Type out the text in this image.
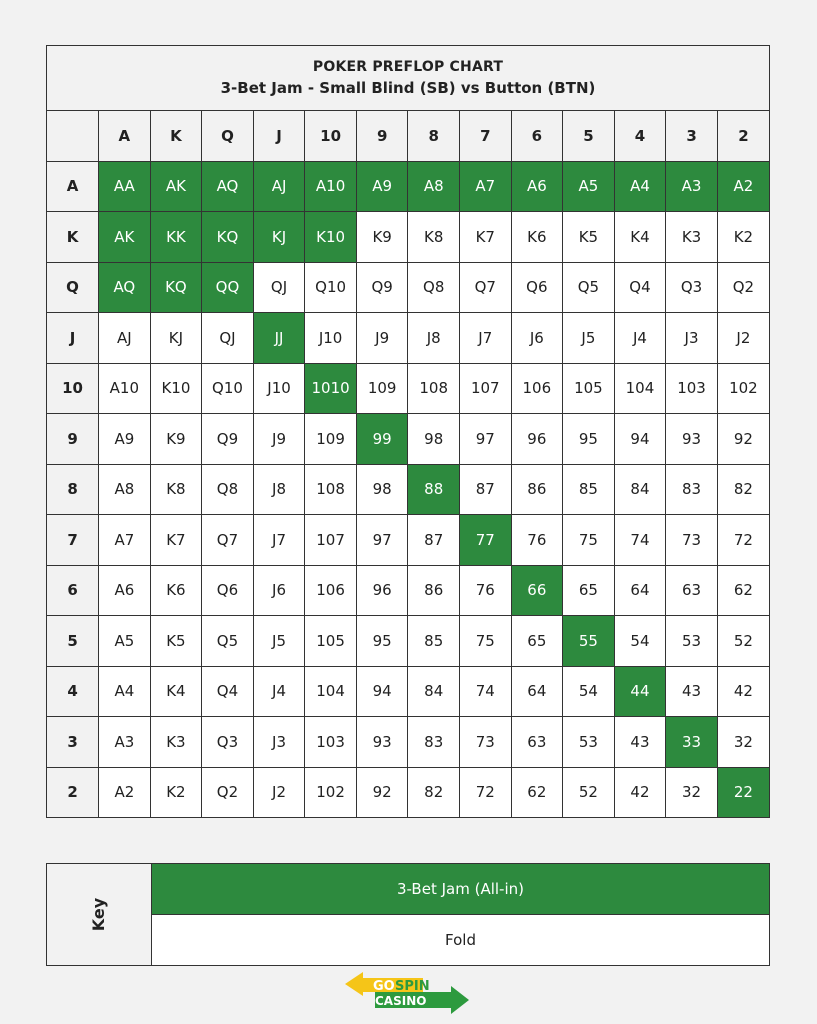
POKER PREFLOP CHART
3-Bet Jam - Small Blind (SB) vs Button (BTN)
	A	K	Q	J	10	9	8	7	6	5	4	3	2
A	AA	AK	AQ	AJ	A10	A9	A8	A7	A6	A5	A4	A3	A2
K	AK	KK	KQ	KJ	K10	K9	K8	K7	K6	K5	K4	K3	K2
Q	AQ	KQ	QQ	QJ	Q10	Q9	Q8	Q7	Q6	Q5	Q4	Q3	Q2
J	AJ	KJ	QJ	JJ	J10	J9	J8	J7	J6	J5	J4	J3	J2
10	A10	K10	Q10	J10	1010	109	108	107	106	105	104	103	102
9	A9	K9	Q9	J9	109	99	98	97	96	95	94	93	92
8	A8	K8	Q8	J8	108	98	88	87	86	85	84	83	82
7	A7	K7	Q7	J7	107	97	87	77	76	75	74	73	72
6	A6	K6	Q6	J6	106	96	86	76	66	65	64	63	62
5	A5	K5	Q5	J5	105	95	85	75	65	55	54	53	52
4	A4	K4	Q4	J4	104	94	84	74	64	54	44	43	42
3	A3	K3	Q3	J3	103	93	83	73	63	53	43	33	32
2	A2	K2	Q2	J2	102	92	82	72	62	52	42	32	22
Key
3-Bet Jam (All-in)
Fold
GO SPIN
CASINO
